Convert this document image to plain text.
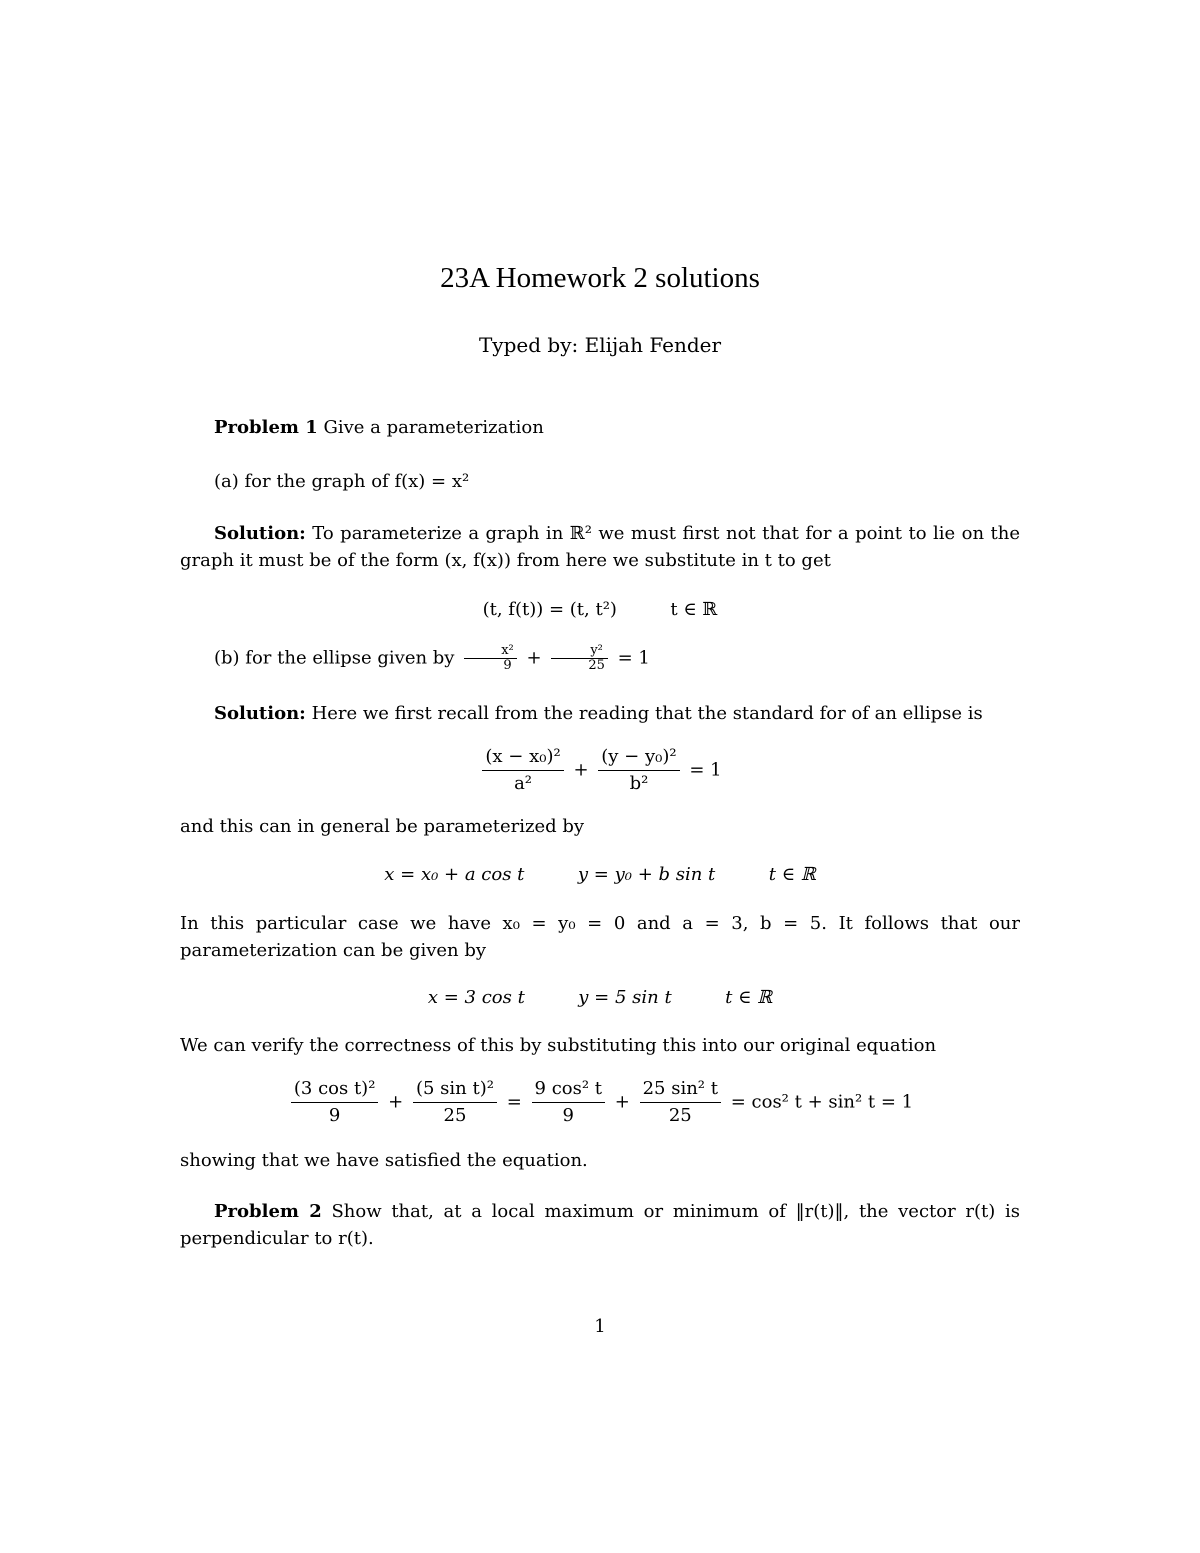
23A Homework 2 solutions
Typed by: Elijah Fender
Problem 1 Give a parameterization
(a) for the graph of f(x) = x²
Solution: To parameterize a graph in ℝ² we must first not that for a point to lie on the graph it must be of the form (x, f(x)) from here we substitute in t to get
(t, f(t)) = (t, t²)	t ∈ ℝ
(b) for the ellipse given by $\frac{\text{x²}}{9} + \frac{\text{y²}}{25} = 1$
Solution: Here we first recall from the reading that the standard for of an ellipse is
$\frac{\text{(x − x₀)²}}{\text{a²}} + \frac{\text{(y − y₀)²}}{\text{b²}} = 1$
and this can in general be parameterized by
x = x₀ + a cos t	y = y₀ + b sin t	t ∈ ℝ
In this particular case we have x₀ = y₀ = 0 and a = 3, b = 5. It follows that our parameterization can be given by
x = 3 cos t	y = 5 sin t	t ∈ ℝ
We can verify the correctness of this by substituting this into our original equation
$\frac{\text{(3 cos t)²}}{9} + \frac{\text{(5 sin t)²}}{25} = \frac{\text{9 cos² t}}{9} + \frac{\text{25 sin² t}}{25} = \cos^2$ t + sin² t = 1
showing that we have satisfied the equation.
Problem 2 Show that, at a local maximum or minimum of ‖r(t)‖, the vector r(t) is perpendicular to r(t).
1
